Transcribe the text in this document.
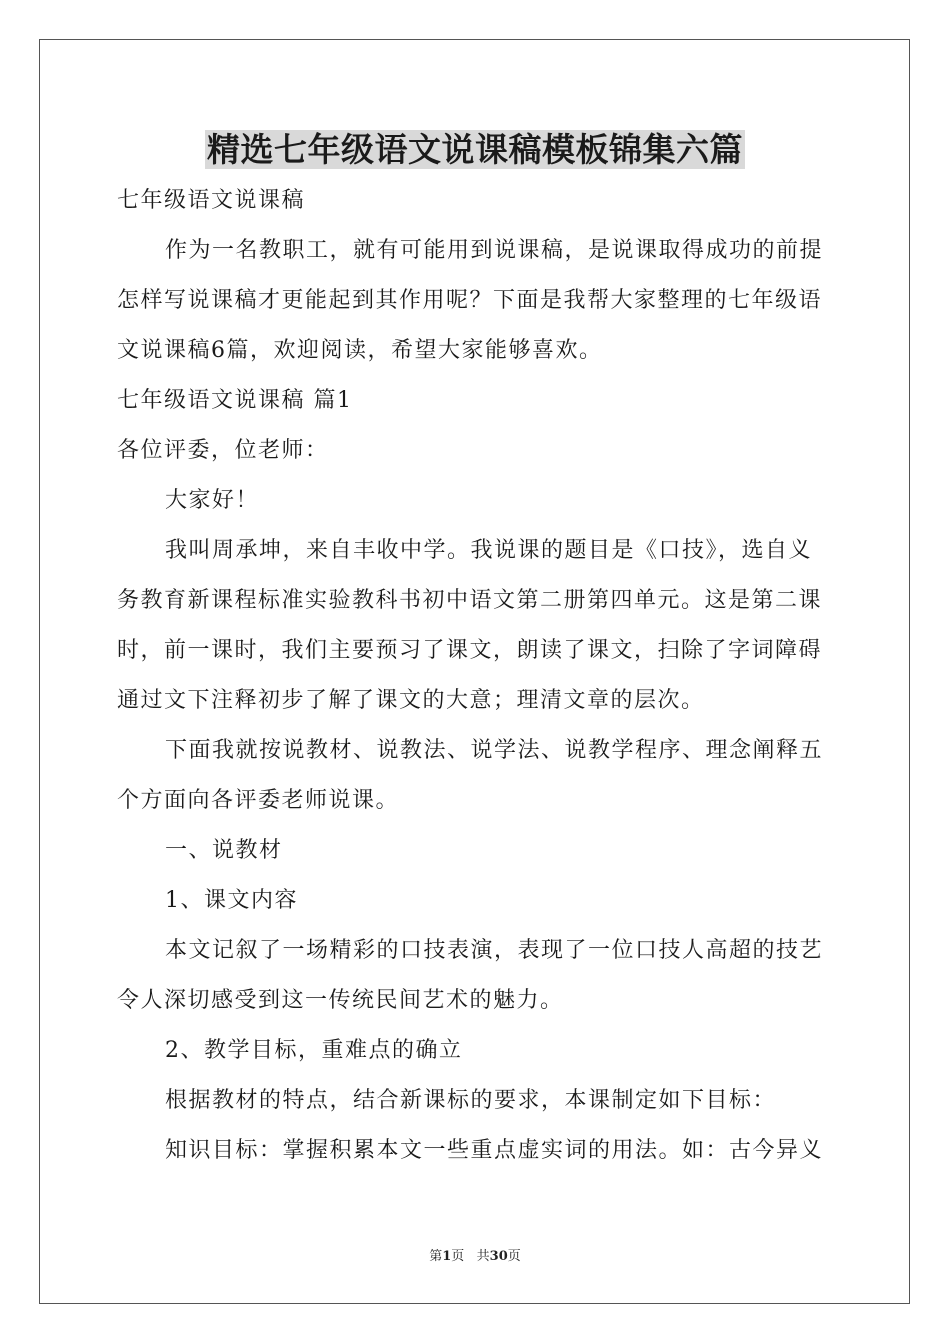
精选七年级语文说课稿模板锦集六篇
七年级语文说课稿
作为一名教职工，就有可能用到说课稿，是说课取得成功的前提
怎样写说课稿才更能起到其作用呢？下面是我帮大家整理的七年级语
文说课稿6篇，欢迎阅读，希望大家能够喜欢。
七年级语文说课稿 篇1
各位评委，位老师：
大家好！
我叫周承坤，来自丰收中学。我说课的题目是《口技》，选自义
务教育新课程标准实验教科书初中语文第二册第四单元。这是第二课
时，前一课时，我们主要预习了课文，朗读了课文，扫除了字词障碍
通过文下注释初步了解了课文的大意；理清文章的层次。
下面我就按说教材、说教法、说学法、说教学程序、理念阐释五
个方面向各评委老师说课。
一、说教材
1、课文内容
本文记叙了一场精彩的口技表演，表现了一位口技人高超的技艺
令人深切感受到这一传统民间艺术的魅力。
2、教学目标，重难点的确立
根据教材的特点，结合新课标的要求，本课制定如下目标：
知识目标：掌握积累本文一些重点虚实词的用法。如：古今异义
第1页   共30页
